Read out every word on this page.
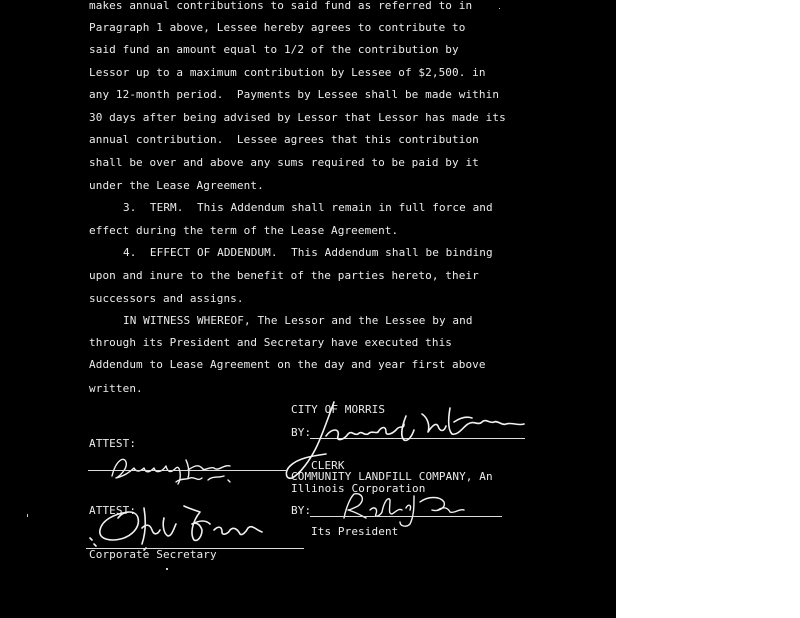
makes annual contributions to said fund as referred to in
Paragraph 1 above, Lessee hereby agrees to contribute to
said fund an amount equal to 1/2 of the contribution by
Lessor up to a maximum contribution by Lessee of $2,500. in
any 12-month period.  Payments by Lessee shall be made within
30 days after being advised by Lessor that Lessor has made its
annual contribution.  Lessee agrees that this contribution
shall be over and above any sums required to be paid by it
under the Lease Agreement.
3.  TERM.  This Addendum shall remain in full force and
effect during the term of the Lease Agreement.
4.  EFFECT OF ADDENDUM.  This Addendum shall be binding
upon and inure to the benefit of the parties hereto, their
successors and assigns.
IN WITNESS WHEREOF, The Lessor and the Lessee by and
through its President and Secretary have executed this
Addendum to Lease Agreement on the day and year first above
written.
CITY OF MORRIS
BY:
ATTEST:
CLERK
COMMUNITY LANDFILL COMPANY, An
Illinois Corporation
ATTEST:	BY:
Its President
Corporate Secretary
